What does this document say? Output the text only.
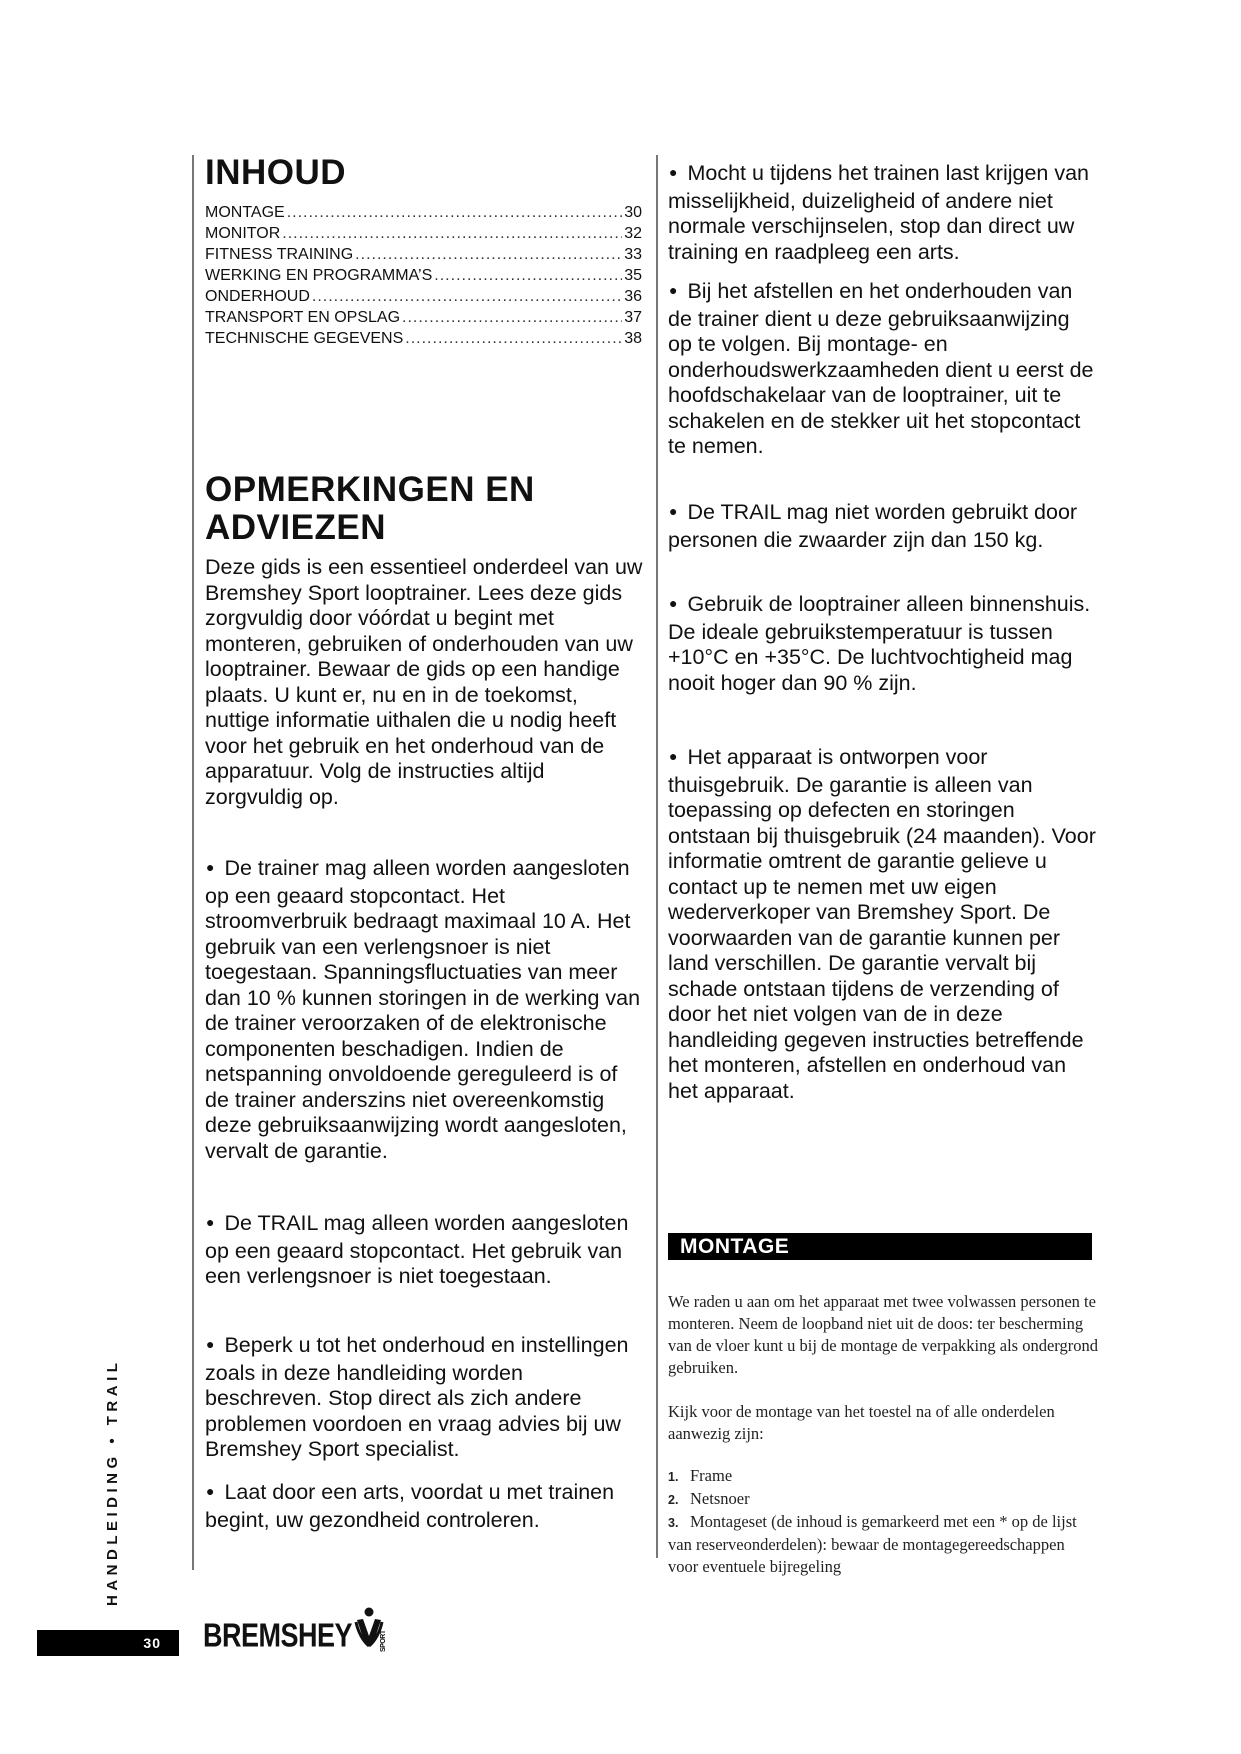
INHOUD
MONTAGE .....	30
MONITOR .....	32
FITNESS TRAINING .....	33
WERKING EN PROGRAMMA’S .....	35
ONDERHOUD .....	36
TRANSPORT EN OPSLAG .....	37
TECHNISCHE GEGEVENS .....	38
OPMERKINGEN EN
ADVIEZEN

Deze gids is een essentieel onderdeel van uw Bremshey Sport looptrainer. Lees deze gids zorgvuldig door vóórdat u begint met monteren, gebruiken of onderhouden van uw looptrainer. Bewaar de gids op een handige plaats. U kunt er, nu en in de toekomst, nuttige informatie uithalen die u nodig heeft voor het gebruik en het onderhoud van de apparatuur. Volg de instructies altijd zorgvuldig op.

● De trainer mag alleen worden aangesloten op een geaard stopcontact. Het stroomverbruik bedraagt maximaal 10 A. Het gebruik van een verlengsnoer is niet toegestaan. Spanningsfluctuaties van meer dan 10 % kunnen storingen in de werking van de trainer veroorzaken of de elektronische componenten beschadigen. Indien de netspanning onvoldoende gereguleerd is of de trainer anderszins niet overeenkomstig deze gebruiksaanwijzing wordt aangesloten, vervalt de garantie.

● De TRAIL mag alleen worden aangesloten op een geaard stopcontact. Het gebruik van een verlengsnoer is niet toegestaan.

● Beperk u tot het onderhoud en instellingen zoals in deze handleiding worden beschreven. Stop direct als zich andere problemen voordoen en vraag advies bij uw Bremshey Sport specialist.

● Laat door een arts, voordat u met trainen begint, uw gezondheid controleren.

● Mocht u tijdens het trainen last krijgen van misselijkheid, duizeligheid of andere niet normale verschijnselen, stop dan direct uw training en raadpleeg een arts.

● Bij het afstellen en het onderhouden van de trainer dient u deze gebruiksaanwijzing op te volgen. Bij montage- en onderhoudswerkzaamheden dient u eerst de hoofdschakelaar van de looptrainer, uit te schakelen en de stekker uit het stopcontact te nemen.

● De TRAIL mag niet worden gebruikt door personen die zwaarder zijn dan 150 kg.

● Gebruik de looptrainer alleen binnenshuis. De ideale gebruikstemperatuur is tussen +10°C en +35°C. De luchtvochtigheid mag nooit hoger dan 90 % zijn.

● Het apparaat is ontworpen voor thuisgebruik. De garantie is alleen van toepassing op defecten en storingen ontstaan bij thuisgebruik (24 maanden). Voor informatie omtrent de garantie gelieve u contact up te nemen met uw eigen wederverkoper van Bremshey Sport. De voorwaarden van de garantie kunnen per land verschillen. De garantie vervalt bij schade ontstaan tijdens de verzending of door het niet volgen van de in deze handleiding gegeven instructies betreffende het monteren, afstellen en onderhoud van het apparaat.

MONTAGE

We raden u aan om het apparaat met twee volwassen personen te monteren. Neem de loopband niet uit de doos: ter bescherming van de vloer kunt u bij de montage de verpakking als ondergrond gebruiken.

Kijk voor de montage van het toestel na of alle onderdelen aanwezig zijn:

1. Frame

2. Netsnoer

3. Montageset (de inhoud is gemarkeerd met een * op de lijst van reserveonderdelen): bewaar de montagegereedschappen voor eventuele bijregeling

HANDLEIDING • TRAIL
30 BREMSHEY	SPORT
